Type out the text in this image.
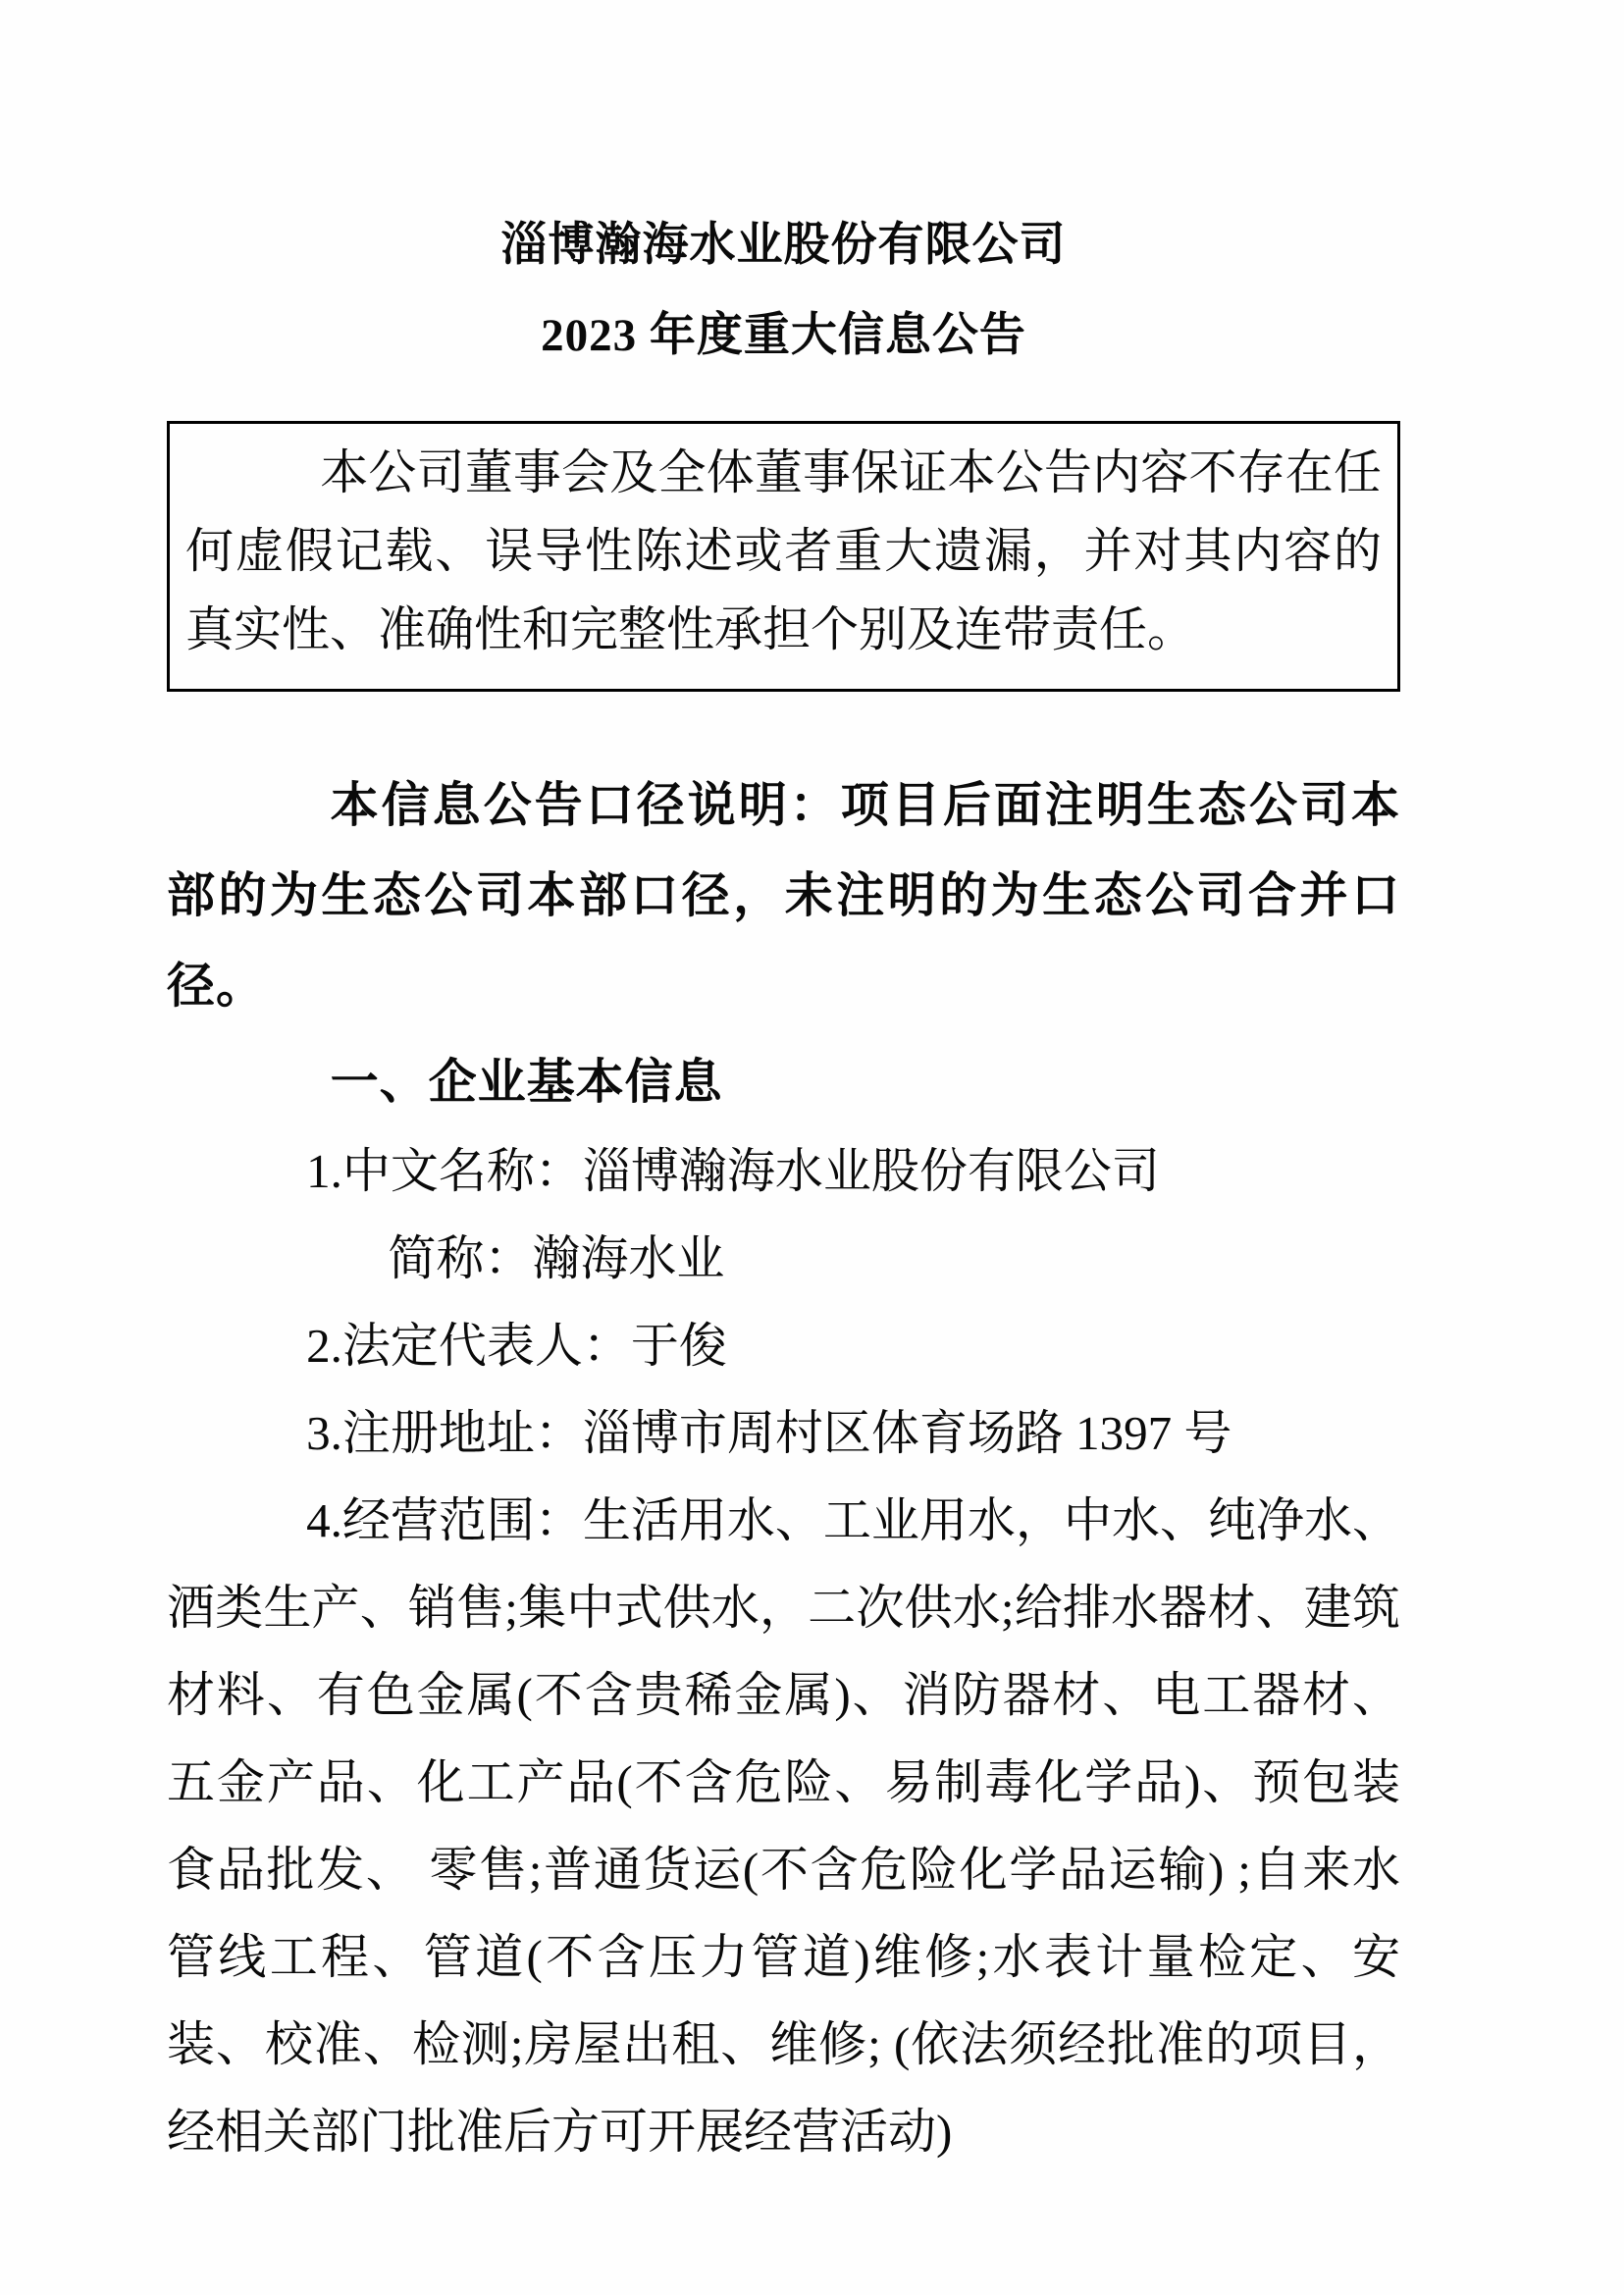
淄博瀚海水业股份有限公司
2023 年度重大信息公告

本公司董事会及全体董事保证本公告内容不存在任何虚假记载、误导性陈述或者重大遗漏，并对其内容的真实性、准确性和完整性承担个别及连带责任。

本信息公告口径说明：项目后面注明生态公司本部的为生态公司本部口径，未注明的为生态公司合并口径。

一、企业基本信息

1.中文名称：淄博瀚海水业股份有限公司

简称：瀚海水业

2.法定代表人：于俊

3.注册地址：淄博市周村区体育场路 1397 号

4.经营范围：生活用水、工业用水，中水、纯净水、酒类生产、销售;集中式供水，二次供水;给排水器材、建筑材料、有色金属(不含贵稀金属)、消防器材、电工器材、五金产品、化工产品(不含危险、易制毒化学品)、预包装食品批发、 零售;普通货运(不含危险化学品运输) ;自来水管线工程、管道(不含压力管道)维修;水表计量检定、安装、校准、检测;房屋出租、维修; (依法须经批准的项目，经相关部门批准后方可开展经营活动)
